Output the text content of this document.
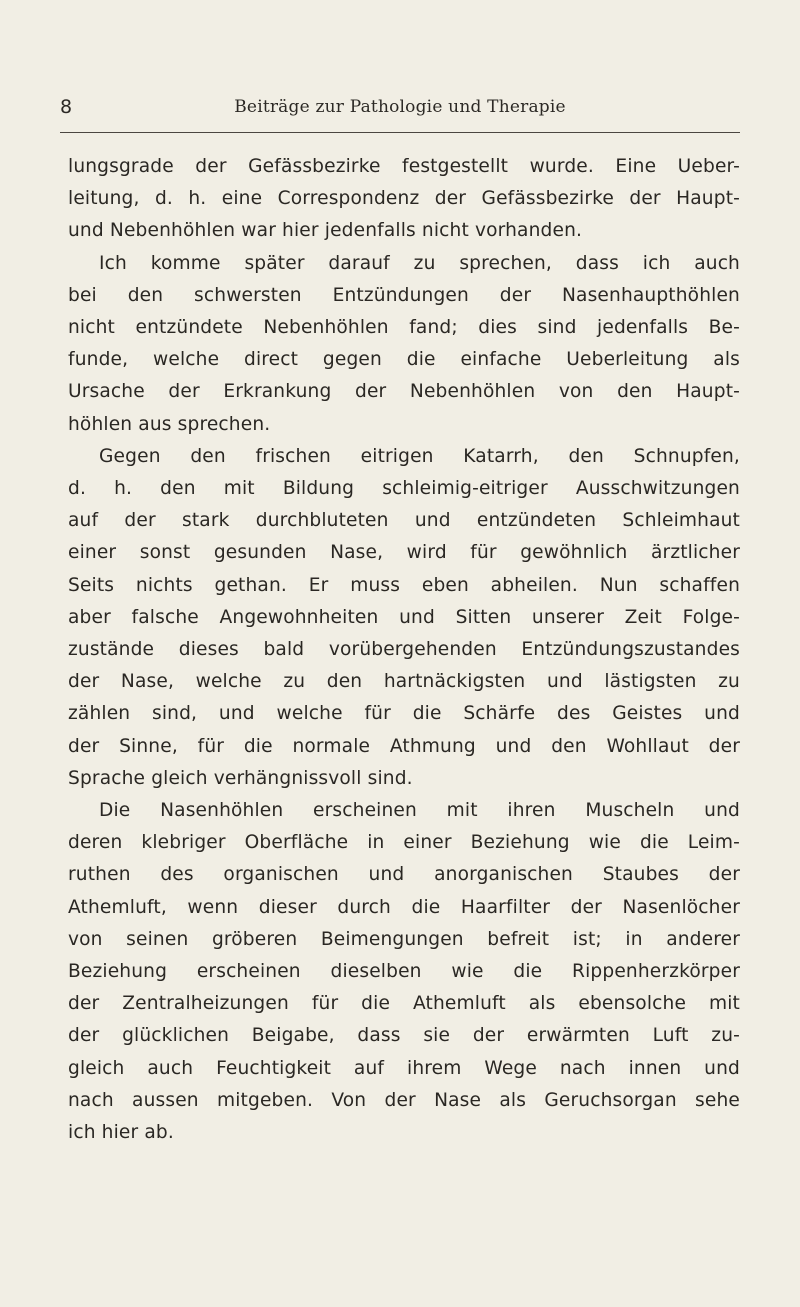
8	Beiträge zur Pathologie und Therapie

lungsgrade der Gefässbezirke festgestellt wurde. Eine Ueber-
leitung, d. h. eine Correspondenz der Gefässbezirke der Haupt-
und Nebenhöhlen war hier jedenfalls nicht vorhanden.

Ich komme später darauf zu sprechen, dass ich auch
bei den schwersten Entzündungen der Nasenhaupthöhlen
nicht entzündete Nebenhöhlen fand; dies sind jedenfalls Be-
funde, welche direct gegen die einfache Ueberleitung als
Ursache der Erkrankung der Nebenhöhlen von den Haupt-
höhlen aus sprechen.

Gegen den frischen eitrigen Katarrh, den Schnupfen,
d. h. den mit Bildung schleimig-eitriger Ausschwitzungen
auf der stark durchbluteten und entzündeten Schleimhaut
einer sonst gesunden Nase, wird für gewöhnlich ärztlicher
Seits nichts gethan. Er muss eben abheilen. Nun schaffen
aber falsche Angewohnheiten und Sitten unserer Zeit Folge-
zustände dieses bald vorübergehenden Entzündungszustandes
der Nase, welche zu den hartnäckigsten und lästigsten zu
zählen sind, und welche für die Schärfe des Geistes und
der Sinne, für die normale Athmung und den Wohllaut der
Sprache gleich verhängnissvoll sind.

Die Nasenhöhlen erscheinen mit ihren Muscheln und
deren klebriger Oberfläche in einer Beziehung wie die Leim-
ruthen des organischen und anorganischen Staubes der
Athemluft, wenn dieser durch die Haarfilter der Nasenlöcher
von seinen gröberen Beimengungen befreit ist; in anderer
Beziehung erscheinen dieselben wie die Rippenherzkörper
der Zentralheizungen für die Athemluft als ebensolche mit
der glücklichen Beigabe, dass sie der erwärmten Luft zu-
gleich auch Feuchtigkeit auf ihrem Wege nach innen und
nach aussen mitgeben. Von der Nase als Geruchsorgan sehe
ich hier ab.
